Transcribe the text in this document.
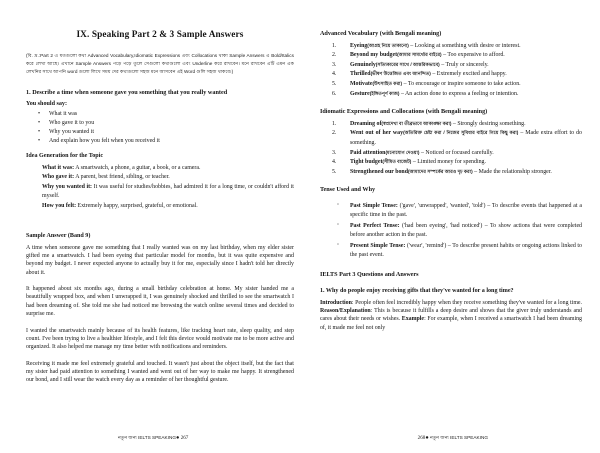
IX. Speaking Part 2 & 3 Sample Answers
(বি. দ্র.:Part 2 এ যতগুলো কথা Advanced Vocabulary,Idiomatic Expressions এবং Collocations থাকা Sample Answers এ Bold/Italics করে লেখা আছে। এখানে Sample Answers পড়ে পড়ে তুলে সেগুলো কথাগুলো এবং Underline করে রাখবেন। মনে রাখবেন এটি এমন এক লেখনির সাথে আপনি word গুলো লিখে সময় দের কথাগুলো সহজ মনে আসবেন এই Word গুলি সহজ থাকবে।)
1. Describe a time when someone gave you something that you really wanted
You should say:
• What it was
• Who gave it to you
• Why you wanted it
• And explain how you felt when you received it
Idea Generation for the Topic
What it was: A smartwatch, a phone, a guitar, a book, or a camera.
Who gave it: A parent, best friend, sibling, or teacher.
Why you wanted it: It was useful for studies/hobbies, had admired it for a long time, or couldn't afford it myself.
How you felt: Extremely happy, surprised, grateful, or emotional.
Sample Answer (Band 9)

A time when someone gave me something that I really wanted was on my last birthday, when my elder sister gifted me a smartwatch. I had been eyeing that particular model for months, but it was quite expensive and beyond my budget. I never expected anyone to actually buy it for me, especially since I hadn't told her directly about it.

It happened about six months ago, during a small birthday celebration at home. My sister handed me a beautifully wrapped box, and when I unwrapped it, I was genuinely shocked and thrilled to see the smartwatch I had been dreaming of. She told me she had noticed me browsing the watch online several times and decided to surprise me.

I wanted the smartwatch mainly because of its health features, like tracking heart rate, sleep quality, and step count. I've been trying to live a healthier lifestyle, and I felt this device would motivate me to be more active and organized. It also helped me manage my time better with notifications and reminders.

Receiving it made me feel extremely grateful and touched. It wasn't just about the object itself, but the fact that my sister had paid attention to something I wanted and went out of her way to make me happy. It strengthened our bond, and I still wear the watch every day as a reminder of her thoughtful gesture.

Advanced Vocabulary (with Bengali meaning)
Eyeing(আগ্রহ নিয়ে তাকানো) – Looking at something with desire or interest.
Beyond my budget(আমার সামর্থ্যের বাইরে) – Too expensive to afford.
Genuinely(সত্যিকারের সাথে / আন্তরিকভাবে) – Truly or sincerely.
Thrilled(ভীষণ উত্তেজিত এবং আনন্দিত) – Extremely excited and happy.
Motivate(উৎসাহিত করা) – To encourage or inspire someone to take action.
Gesture(ইঙ্গিতপূর্ণ কাজ) – An action done to express a feeling or intention.
Idiomatic Expressions and Collocations (with Bengali meaning)
Dreaming of(স্বপ্নদেখা বা তীব্রভাবে আকাঙ্ক্ষা করা) – Strongly desiring something.
Went out of her way(অতিরিক্ত চেষ্টা করা / নিজের সুবিধার বাইরে গিয়ে কিছু করা) – Made extra effort to do something.
Paid attention(মনোযোগ দেওয়া) – Noticed or focused carefully.
Tight budget(সীমিত বাজেট) – Limited money for spending.
Strengthened our bond(আমাদের সম্পর্কের আরও দৃঢ় করা) – Made the relationship stronger.
Tense Used and Why
· Past Simple Tense: ('gave', 'unwrapped', 'wanted', 'told') – To describe events that happened at a specific time in the past.
· Past Perfect Tense: ('had been eyeing', 'had noticed') – To show actions that were completed before another action in the past.
· Present Simple Tense: ('wear', 'remind') – To describe present habits or ongoing actions linked to the past event.
IELTS Part 3 Questions and Answers
1. Why do people enjoy receiving gifts that they've wanted for a long time?

Introduction: People often feel incredibly happy when they receive something they've wanted for a long time. Reason/Explanation: This is because it fulfills a deep desire and shows that the giver truly understands and cares about their needs or wishes. Example: For example, when I received a smartwatch I had been dreaming of, it made me feel not only

নতুন জন্য IELTS SPEAKING● 267	268● নতুন জন্য IELTS SPEAKING
